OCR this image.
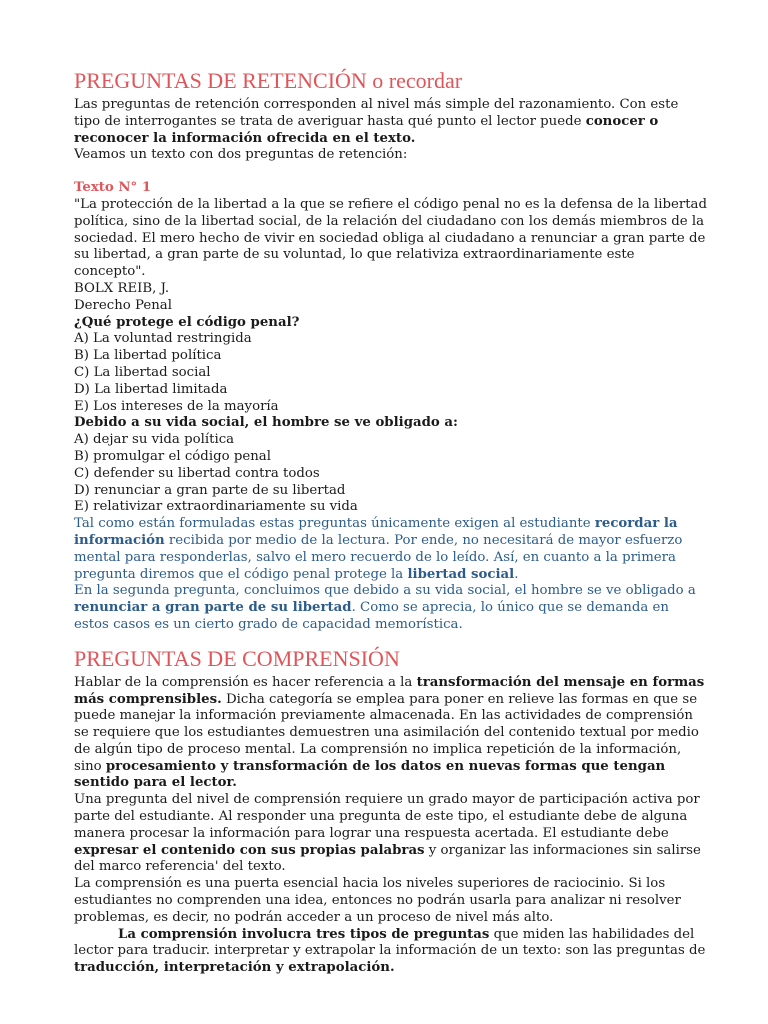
PREGUNTAS DE RETENCIÓN o recordar

Las preguntas de retención corresponden al nivel más simple del razonamiento. Con este tipo de interrogantes se trata de averiguar hasta qué punto el lector puede conocer o reconocer la información ofrecida en el texto.

Veamos un texto con dos preguntas de retención:

Texto N° 1

"La protección de la libertad a la que se refiere el código penal no es la defensa de la libertad política, sino de la libertad social, de la relación del ciudadano con los demás miembros de la sociedad. El mero hecho de vivir en sociedad obliga al ciudadano a renunciar a gran parte de su libertad, a gran parte de su voluntad, lo que relativiza extraordinariamente este concepto".

BOLX REIB, J.

Derecho Penal

¿Qué protege el código penal?

A) La voluntad restringida

B) La libertad política

C) La libertad social

D) La libertad limitada

E) Los intereses de la mayoría

Debido a su vida social, el hombre se ve obligado a:

A) dejar su vida política

B) promulgar el código penal

C) defender su libertad contra todos

D) renunciar a gran parte de su libertad

E) relativizar extraordinariamente su vida

Tal como están formuladas estas preguntas únicamente exigen al estudiante recordar la información recibida por medio de la lectura. Por ende, no necesitará de mayor esfuerzo mental para responderlas, salvo el mero recuerdo de lo leído. Así, en cuanto a la primera pregunta diremos que el código penal protege la libertad social.

En la segunda pregunta, concluimos que debido a su vida social, el hombre se ve obligado a renunciar a gran parte de su libertad. Como se aprecia, lo único que se demanda en estos casos es un cierto grado de capacidad memorística.

PREGUNTAS DE COMPRENSIÓN

Hablar de la comprensión es hacer referencia a la transformación del mensaje en formas más comprensibles. Dicha categoría se emplea para poner en relieve las formas en que se puede manejar la información previamente almacenada. En las actividades de comprensión se requiere que los estudiantes demuestren una asimilación del contenido textual por medio de algún tipo de proceso mental. La comprensión no implica repetición de la información, sino procesamiento y transformación de los datos en nuevas formas que tengan sentido para el lector.

Una pregunta del nivel de comprensión requiere un grado mayor de participación activa por parte del estudiante. Al responder una pregunta de este tipo, el estudiante debe de alguna manera procesar la información para lograr una respuesta acertada. El estudiante debe expresar el contenido con sus propias palabras y organizar las informaciones sin salirse del marco referencia' del texto.

La comprensión es una puerta esencial hacia los niveles superiores de raciocinio. Si los estudiantes no comprenden una idea, entonces no podrán usarla para analizar ni resolver problemas, es decir, no podrán acceder a un proceso de nivel más alto.

La comprensión involucra tres tipos de preguntas que miden las habilidades del lector para traducir. interpretar y extrapolar la información de un texto: son las preguntas de traducción, interpretación y extrapolación.
